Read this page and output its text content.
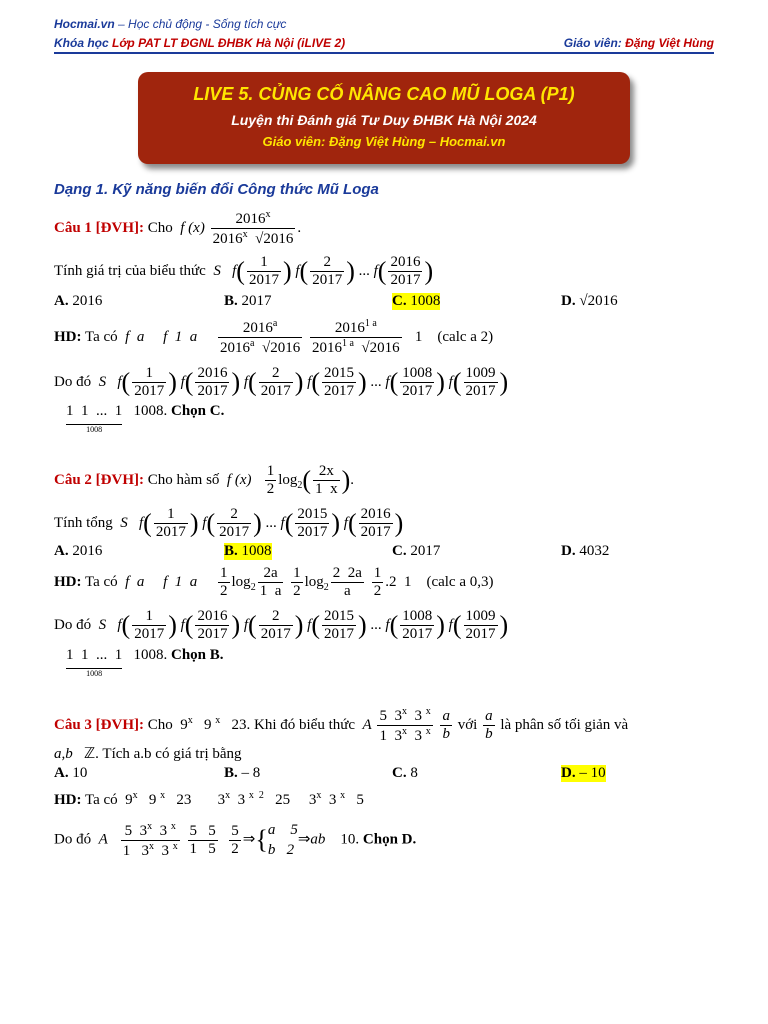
Hocmai.vn – Học chủ động - Sống tích cực
Khóa học Lớp PAT LT ĐGNL ĐHBK Hà Nội (iLIVE 2)	Giáo viên: Đặng Việt Hùng
LIVE 5. CỦNG CỐ NÂNG CAO MŨ LOGA (P1)
Luyện thi Đánh giá Tư Duy ĐHBK Hà Nội 2024
Giáo viên: Đặng Việt Hùng – Hocmai.vn
Dạng 1. Kỹ năng biến đổi Công thức Mũ Loga
Câu 1 [ĐVH]: Cho  f $(x) \frac{2016^x}{2016^x √2016}$ .
Tính giá trị của biểu thức  S   $f( \frac{1}{2017}$ ) $f( \frac{2}{2017}$ ) ... $f( \frac{2016}{2017}$ )
A. 2016	B. 2017	C. 1008	D. √2016
HD: Ta có  f  a     f  1  a $\frac{2016^a}{2016^a √2016}$
$\frac{2016^{1 a}}{2016^{1 a} √2016} 1$    (calc a 2)
Do đó  S   $f( \frac{1}{2017}$ ) $f( \frac{2016}{2017}$ ) $f( \frac{2}{2017}$ ) $f( \frac{2015}{2017}$ ) ... $f( \frac{1008}{2017}$ ) $f( \frac{1009}{2017}$ )
1  1  ...  1
1008
1008. Chọn C.
Câu 2 [ĐVH]: Cho hàm số  f $(x) \frac{1}{2} \log_2( \frac{2x}{1 x}$ ).
Tính tổng  S   $f( \frac{1}{2017}$ ) $f( \frac{2}{2017}$ ) ... $f( \frac{2015}{2017}$ ) $f( \frac{2016}{2017}$ )
A. 2016	B. 1008	C. 2017	D. 4032
HD: Ta có  f  a     f  1  a $\frac{1}{2} \log_2 \frac{2a}{1 a}$
$\frac{1}{2} \log_2 \frac{2 2a}{a}$
$\frac{1}{2} .2$  1    (calc a 0,3)
Do đó  S   $f( \frac{1}{2017}$ ) $f( \frac{2016}{2017}$ ) $f( \frac{2}{2017}$ ) $f( \frac{2015}{2017}$ ) ... $f( \frac{1008}{2017}$ ) $f( \frac{1009}{2017}$ )
1  1  ...  1
1008
1008. Chọn B.
Câu 3 [ĐVH]: Cho  9$^x$   9 $^x$   23. Khi đó biểu thức  A $\frac{5 3^x 3 ^x}{1 3^x 3 ^x}$
$\frac{a}{b}$ với $\frac{a}{b}$ là phân số tối giản và
a,b   ℤ. Tích a.b có giá trị bằng
A. 10	B. – 8	C. 8	D. – 10
HD: Ta có  9$^x$   9 $^x$   23       3$^x$  3 $^{x 2}$   25     3$^x$  3 $^x$   5
Do đó  A $\frac{5 3^x 3 ^x}{1 3^x 3 ^x}$
$\frac{5 5}{1 5}$
$\frac{5}{2}$ ⇒{a    5
b   2⇒ab 10. Chọn D.
